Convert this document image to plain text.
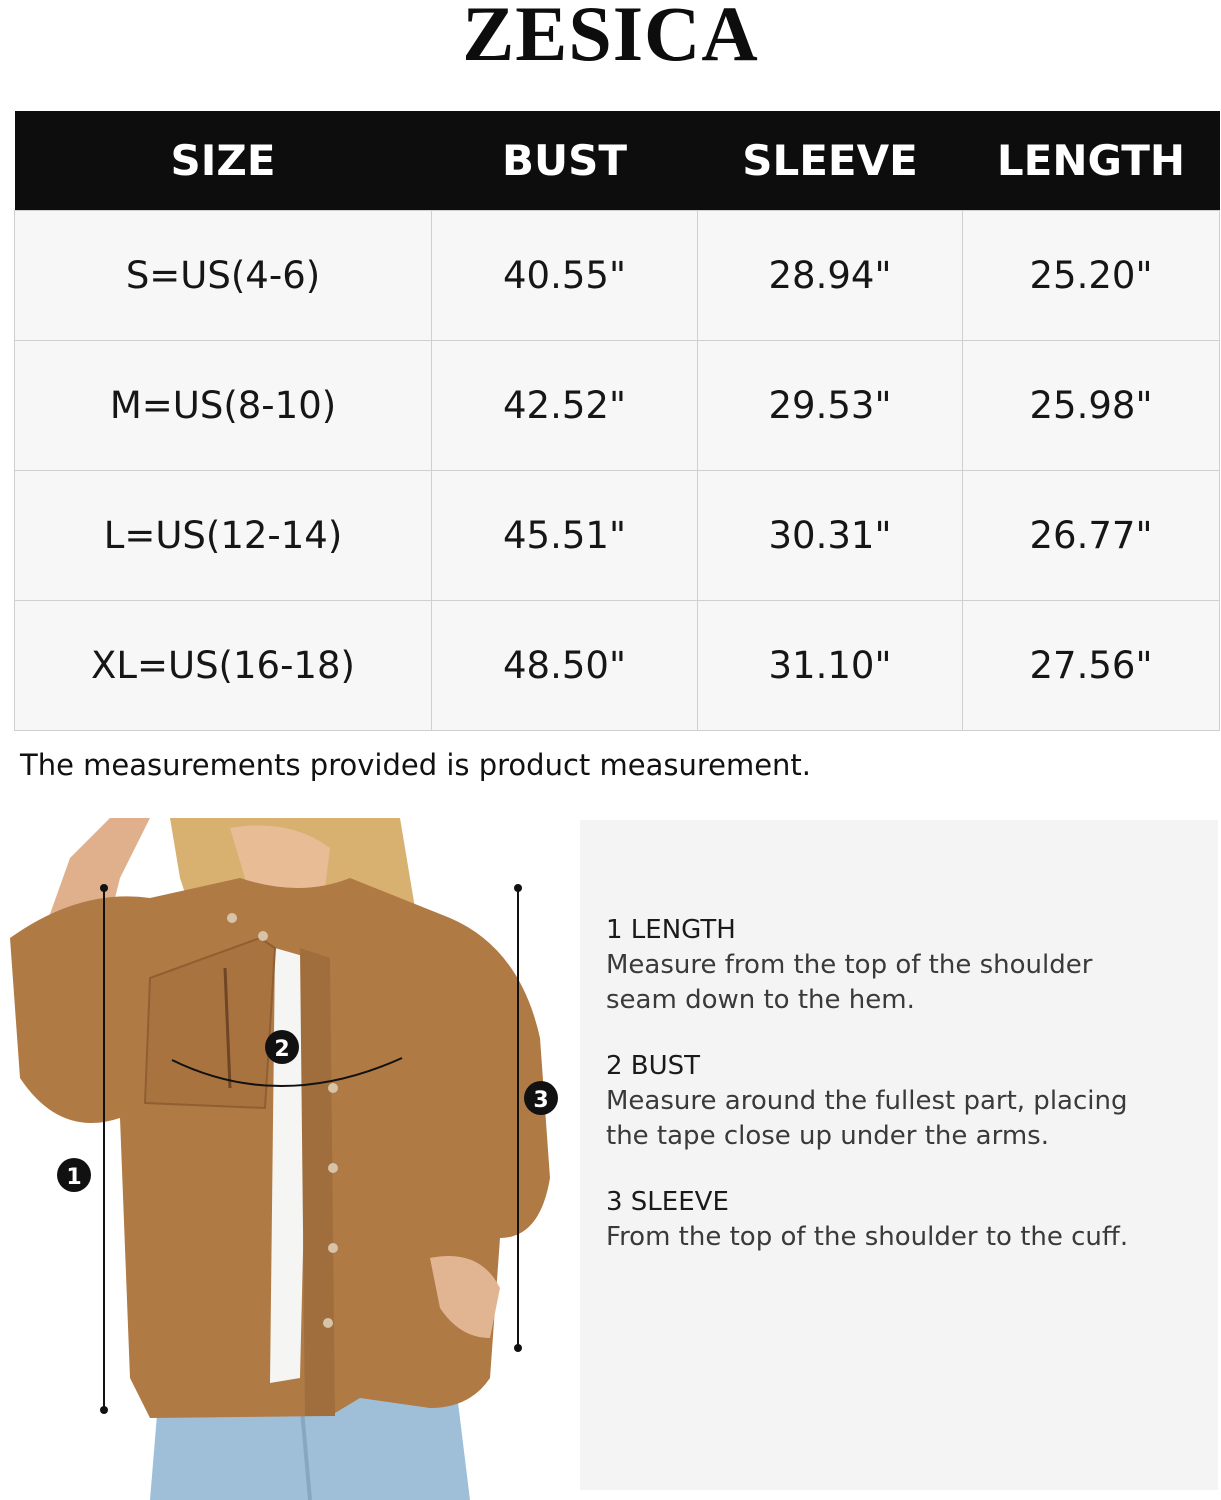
ZESICA
SIZE	BUST	SLEEVE	LENGTH
S=US(4-6)	40.55"	28.94"	25.20"
M=US(8-10)	42.52"	29.53"	25.98"
L=US(12-14)	45.51"	30.31"	26.77"
XL=US(16-18)	48.50"	31.10"	27.56"
The measurements provided is product measurement.
1
2
3
1 LENGTH
Measure from the top of the shoulder
seam down to the hem.
2 BUST
Measure around the fullest part, placing
the tape close up under the arms.
3 SLEEVE
From the top of the shoulder to the cuff.
